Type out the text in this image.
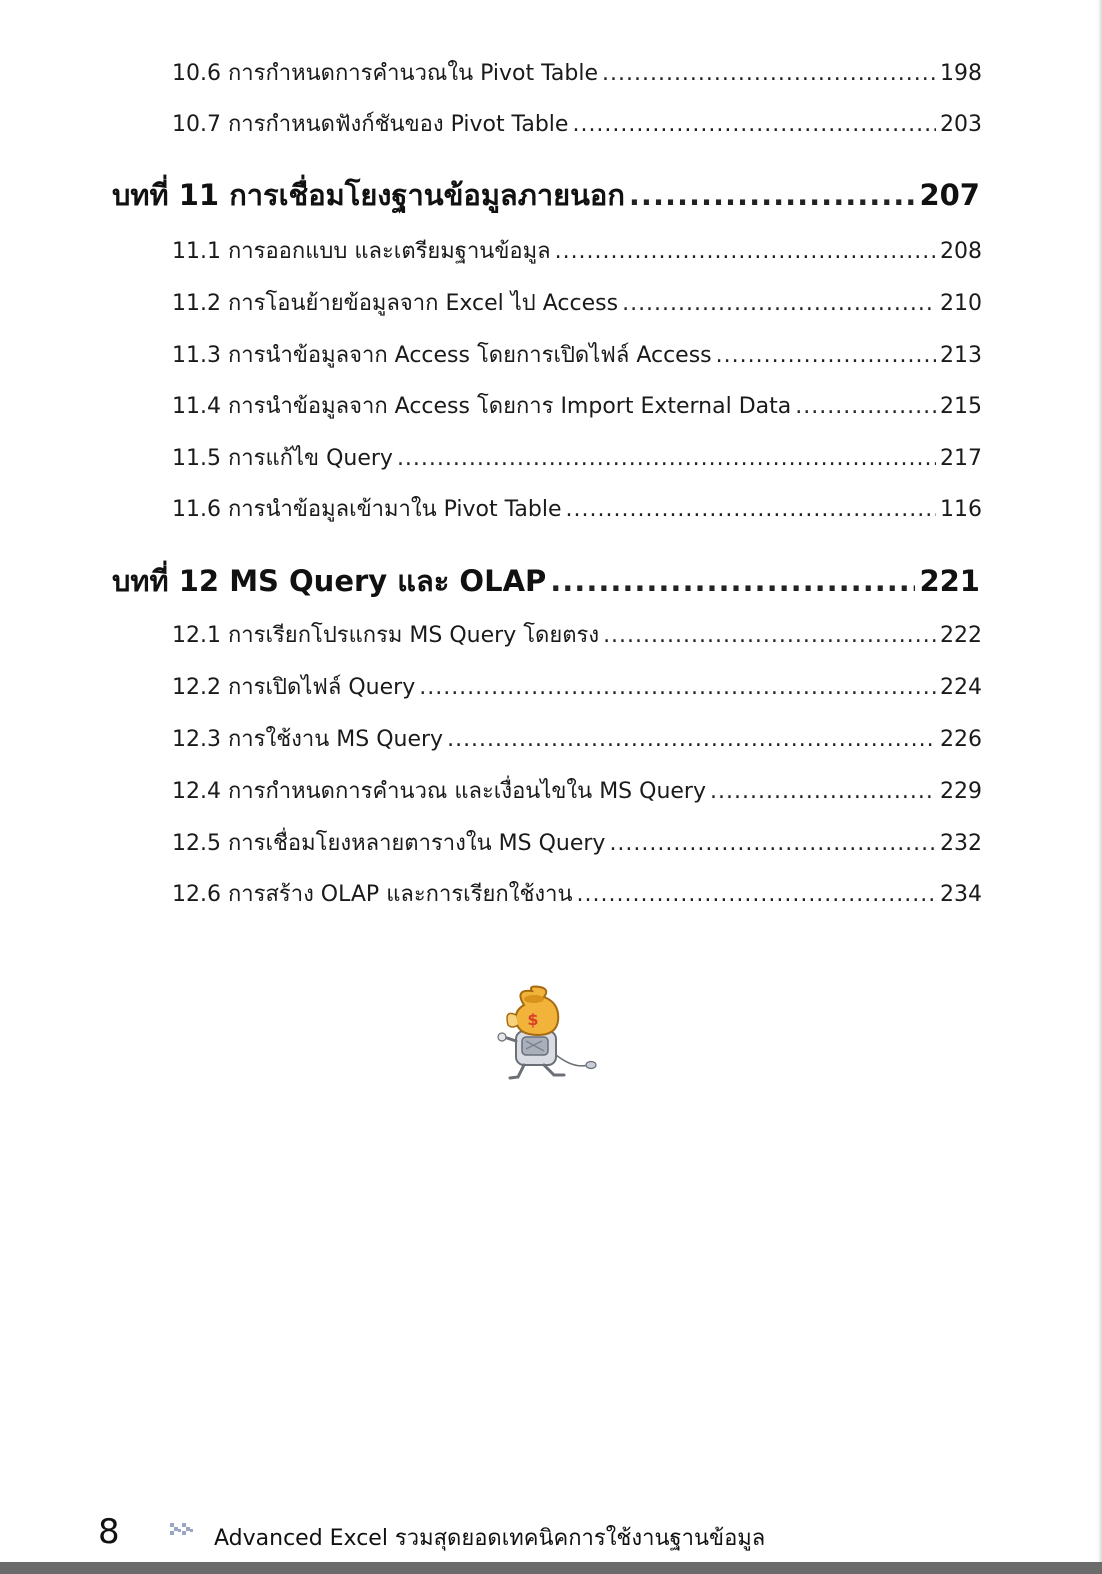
10.6 การกำหนดการคำนวณใน Pivot Table .....	198
10.7 การกำหนดฟังก์ชันของ Pivot Table .....	203
บทที่ 11 การเชื่อมโยงฐานข้อมูลภายนอก .....	207
11.1 การออกแบบ และเตรียมฐานข้อมูล .....	208
11.2 การโอนย้ายข้อมูลจาก Excel ไป Access .....	210
11.3 การนำข้อมูลจาก Access โดยการเปิดไฟล์ Access .....	213
11.4 การนำข้อมูลจาก Access โดยการ Import External Data .....	215
11.5 การแก้ไข Query .....	217
11.6 การนำข้อมูลเข้ามาใน Pivot Table .....	116
บทที่ 12 MS Query และ OLAP .....	221
12.1 การเรียกโปรแกรม MS Query โดยตรง .....	222
12.2 การเปิดไฟล์ Query .....	224
12.3 การใช้งาน MS Query .....	226
12.4 การกำหนดการคำนวณ และเงื่อนไขใน MS Query .....	229
12.5 การเชื่อมโยงหลายตารางใน MS Query .....	232
12.6 การสร้าง OLAP และการเรียกใช้งาน .....	234
$
8	Advanced Excel รวมสุดยอดเทคนิคการใช้งานฐานข้อมูล
